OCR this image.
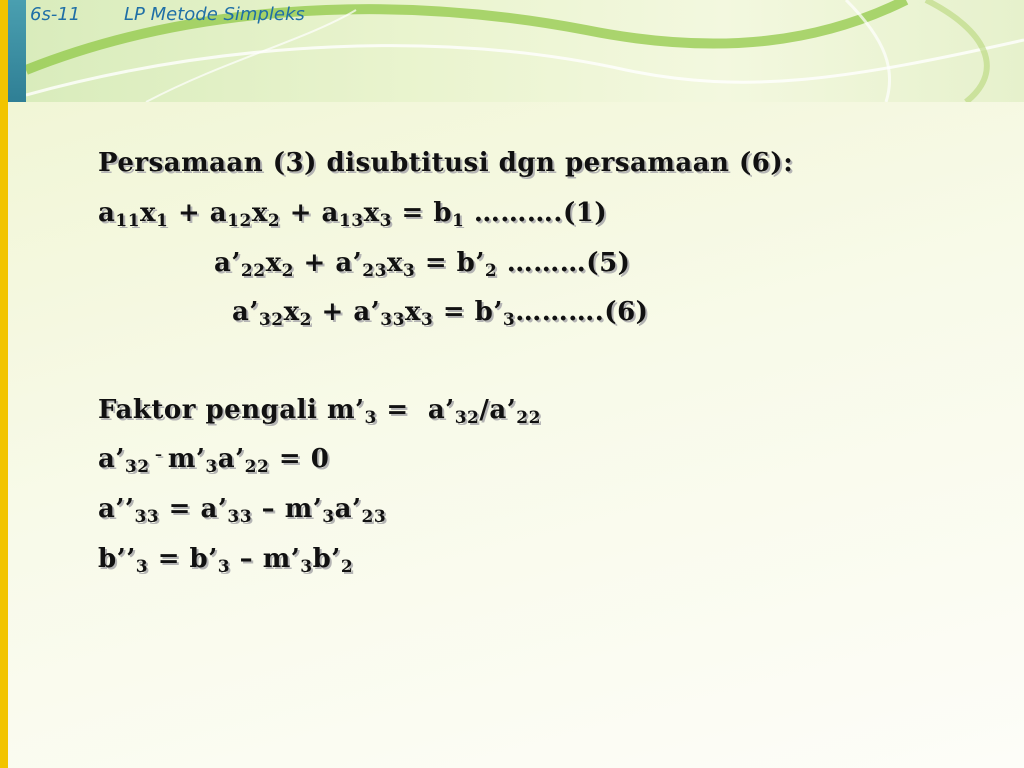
6s-11 LP Metode Simpleks
Persamaan (3) disubtitusi dgn persamaan (6):
$a_{11}x_1 + a_{12}x_2 + a_{13}x_3 = b_1$ ……….(1)
$a’_{22}x_2$ + $a’_{23}x_3$ = $b’_2$ ………(5)
$a’_{32}x_2$ + $a’_{33}x_3$ = $b’_3\dots\dots\dots.(6)$
Faktor pengali $m’_3$ =  $a’_{32}/a’_{22}$
$a’_{32}$ – $m’_3a’_{22} = 0$
$a’’_{33}$ = $a’_{33}$ – $m’_3a’_{23}$
$b’’_3$ = $b’_3$ – $m’_3b’_2$
